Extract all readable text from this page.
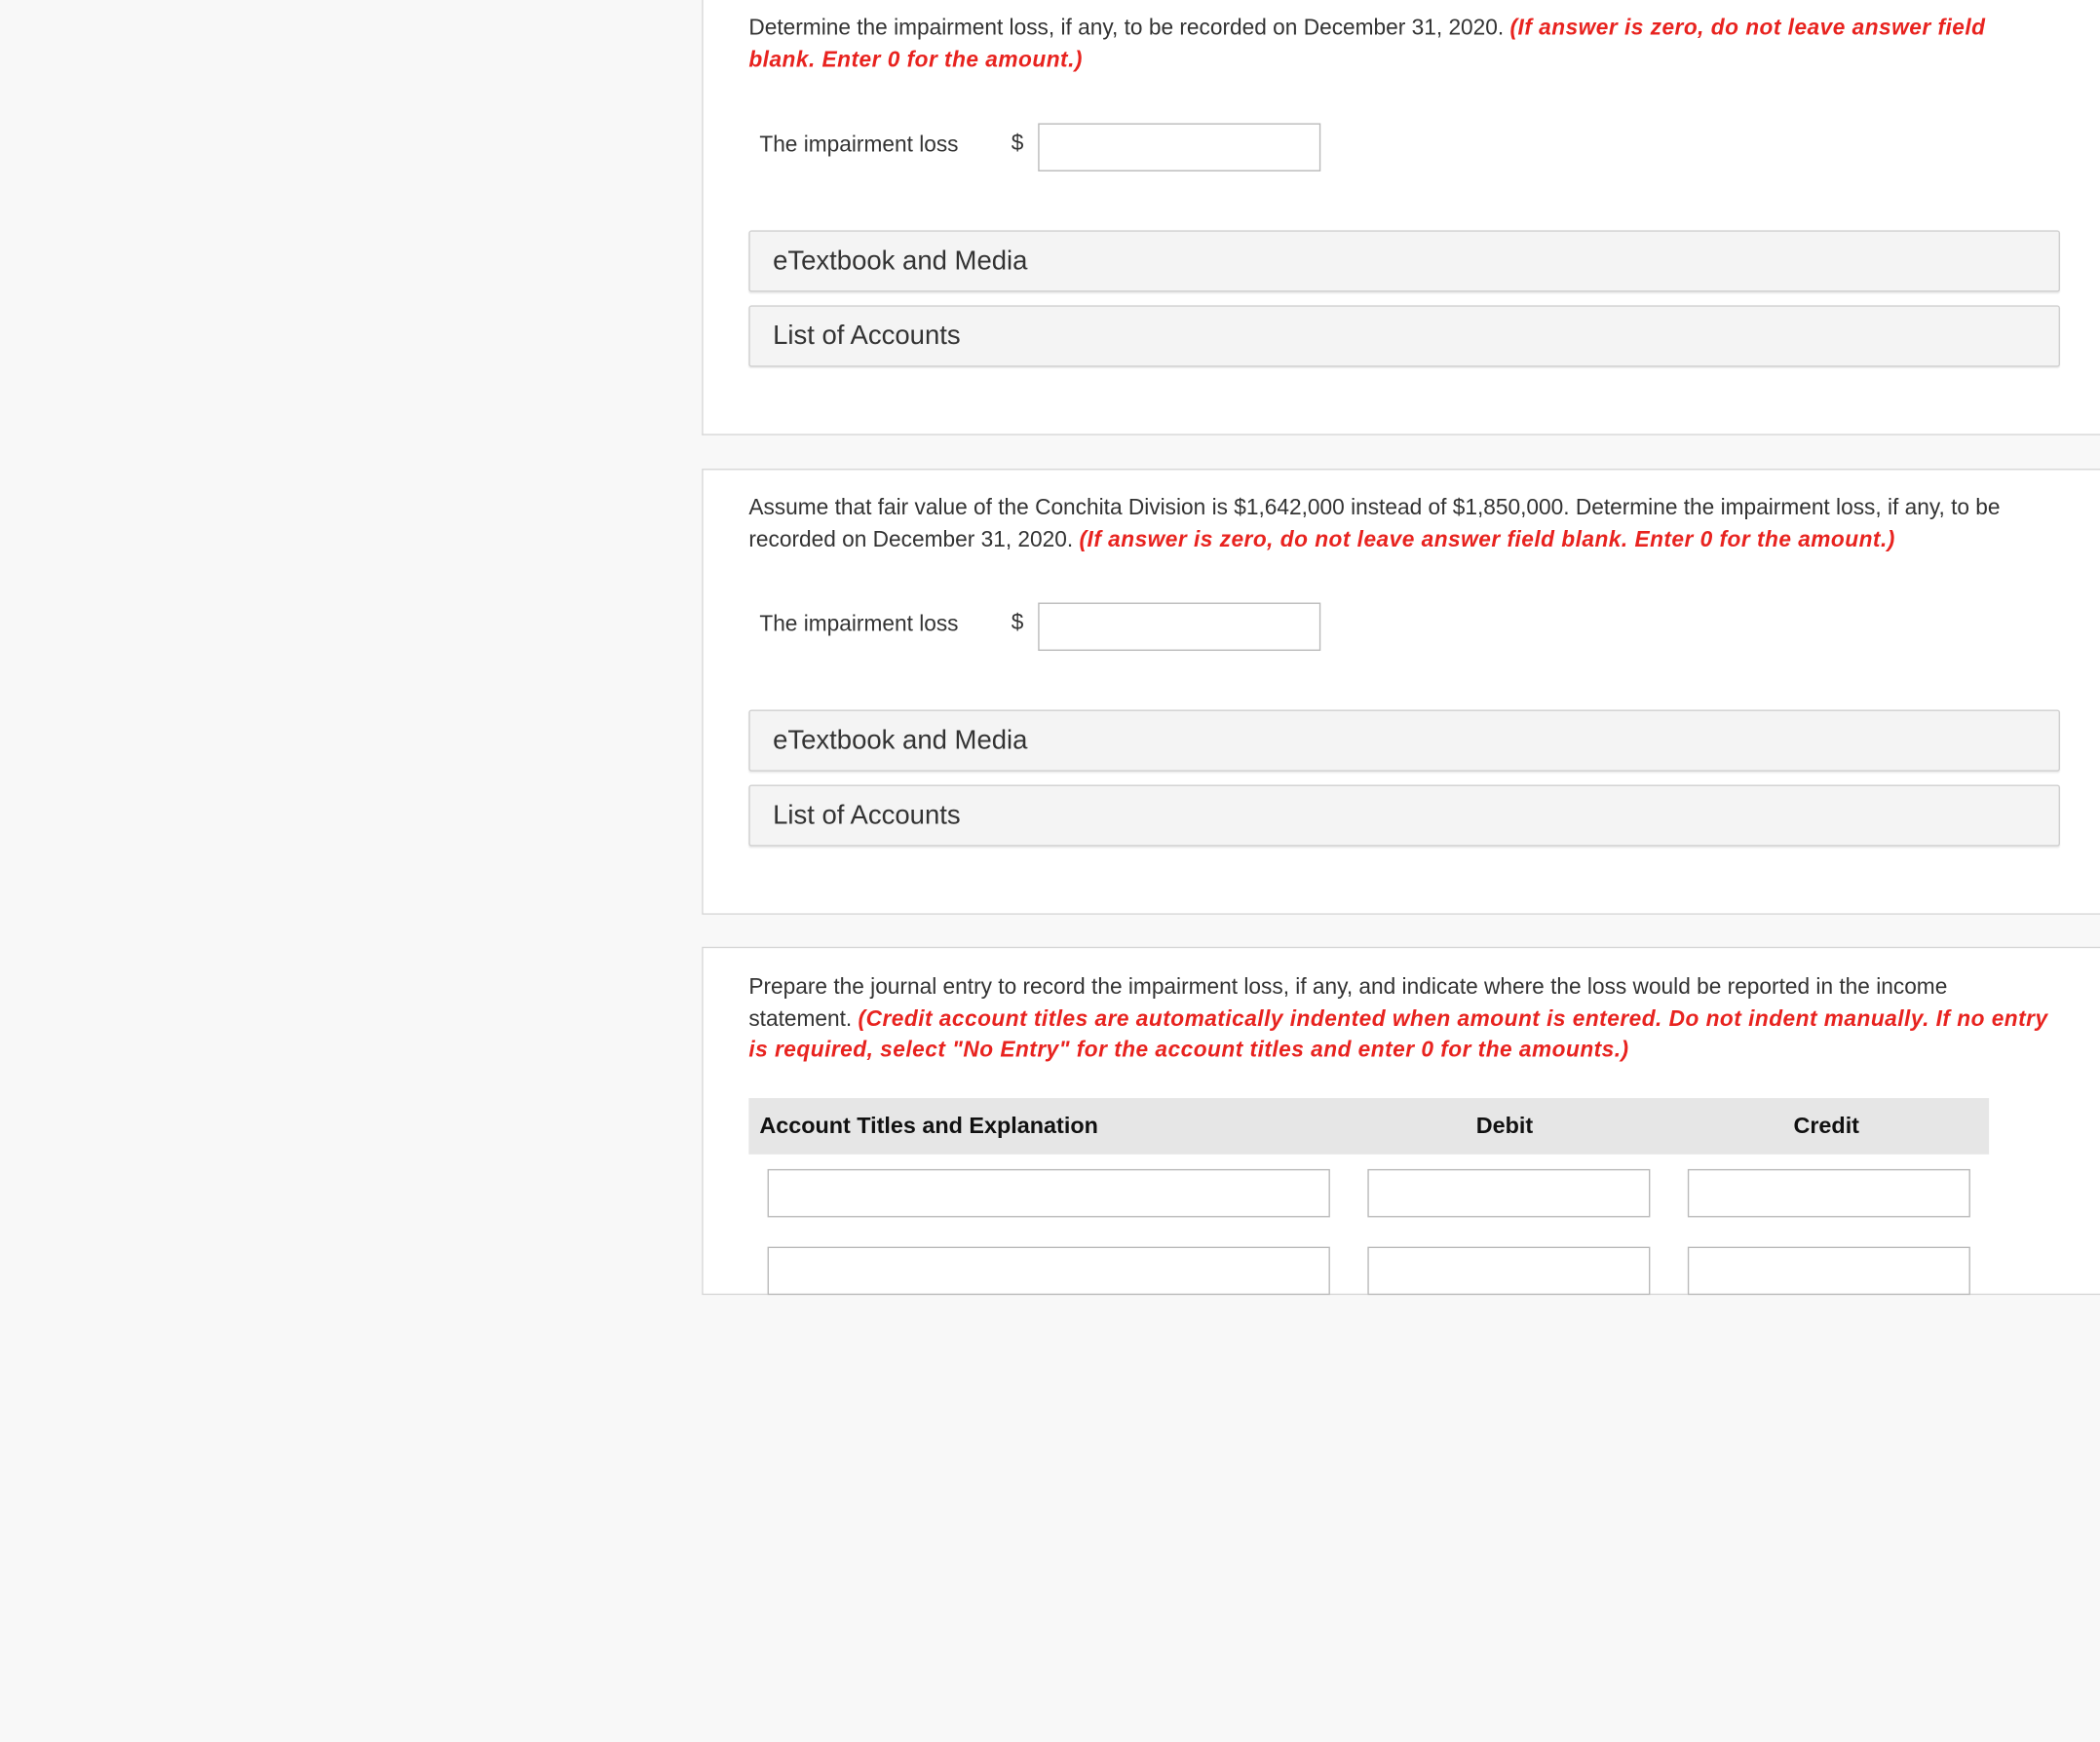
Determine the impairment loss, if any, to be recorded on December 31, 2020. (If answer is zero, do not leave answer field blank. Enter 0 for the amount.)
The impairment loss	$
eTextbook and Media
List of Accounts
Assume that fair value of the Conchita Division is $1,642,000 instead of $1,850,000. Determine the impairment loss, if any, to be recorded on December 31, 2020. (If answer is zero, do not leave answer field blank. Enter 0 for the amount.)
The impairment loss	$
eTextbook and Media
List of Accounts
Prepare the journal entry to record the impairment loss, if any, and indicate where the loss would be reported in the income statement. (Credit account titles are automatically indented when amount is entered. Do not indent manually. If no entry is required, select "No Entry" for the account titles and enter 0 for the amounts.)
Account Titles and Explanation	Debit	Credit
